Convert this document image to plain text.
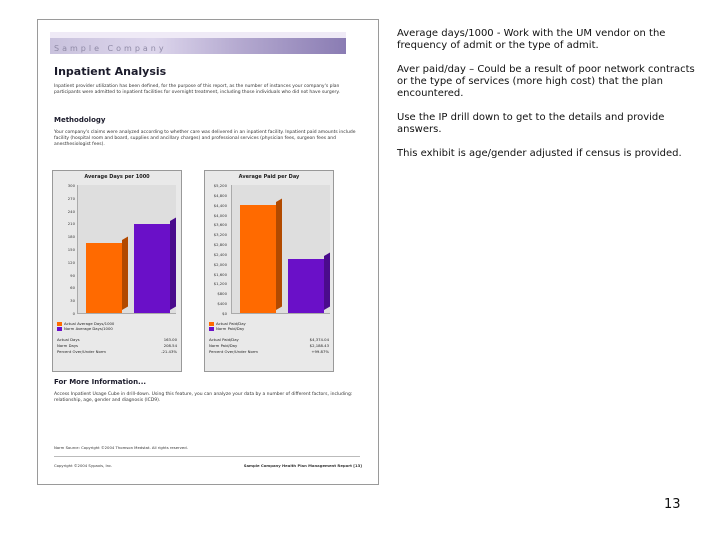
Sample Company
Inpatient Analysis
Inpatient provider utilization has been defined, for the purpose of this report, as the number of instances your company's plan participants were admitted to inpatient facilities for overnight treatment, including those individuals who did not have surgery.
Methodology
Your company's claims were analyzed according to whether care was delivered in an inpatient facility. Inpatient paid amounts include facility (hospital room and board, supplies and ancillary charges) and professional services (physician fees, surgeon fees and anesthesiologist fees).
Average Days per 1000
300
270
240
210
180
150
120
90
60
30
0
Actual Average Days/1000
Norm Average Days/1000
Actual Days	163.00
Norm Days	208.54
Percent Over/Under Norm	-21.43%
Average Paid per Day
$5,200
$4,800
$4,400
$4,000
$3,600
$3,200
$2,800
$2,400
$2,000
$1,600
$1,200
$800
$400
$0
Actual Paid/Day
Norm Paid/Day
Actual Paid/Day	$4,374.04
Norm Paid/Day	$2,188.43
Percent Over/Under Norm	+99.87%
For More Information...
Access Inpatient Usage Cube in drill-down. Using this feature, you can analyze your data by a number of different factors, including: relationship, age, gender and diagnosis (ICD9).
Norm Source: Copyright ©2004 Thomson Medstat. All rights reserved.
Copyright ©2004 Sypaxis, Inc.	Sample Company Health Plan Management Report [13]

Average days/1000 - Work with the UM vendor on the frequency of admit or the type of admit.

Aver paid/day – Could be a result of poor network contracts or the type of services (more high cost) that the plan encountered.

Use the IP drill down to get to the details and provide answers.

This exhibit is age/gender adjusted if census is provided.

13
